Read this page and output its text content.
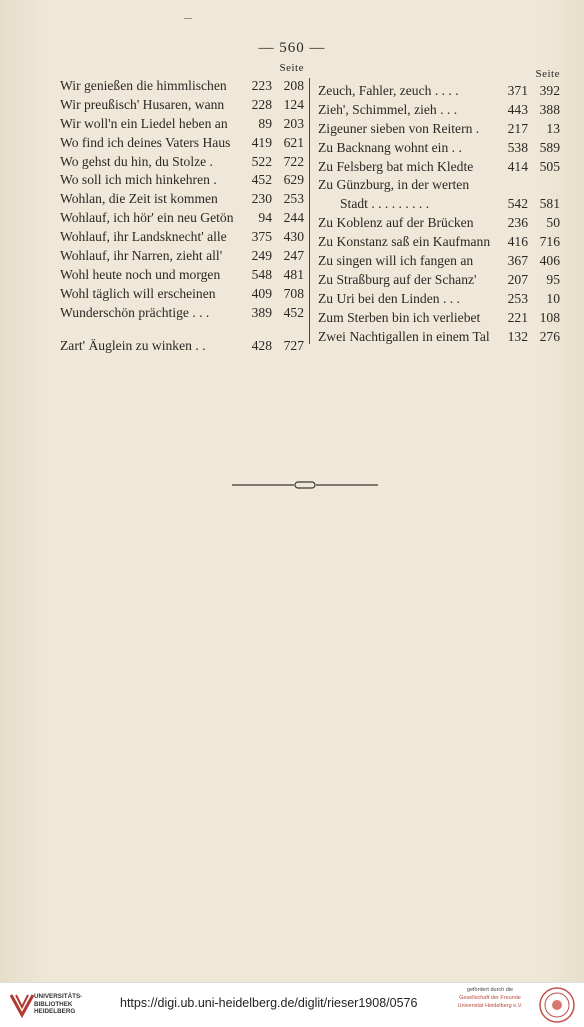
— 560 —
Seite
Wir genießen die himmlischen	223 208
Wir preußisch' Husaren, wann	228 124
Wir woll'n ein Liedel heben an	89 203
Wo find ich deines Vaters Haus	419 621
Wo gehst du hin, du Stolze .	522 722
Wo soll ich mich hinkehren .	452 629
Wohlan, die Zeit ist kommen	230 253
Wohlauf, ich hör' ein neu Getön	94 244
Wohlauf, ihr Landsknecht' alle	375 430
Wohlauf, ihr Narren, zieht all'	249 247
Wohl heute noch und morgen	548 481
Wohl täglich will erscheinen	409 708
Wunderschön prächtige . . .	389 452
Zart' Äuglein zu winken . .	428 727
Seite
Zeuch, Fahler, zeuch . . . .	371 392
Zieh', Schimmel, zieh . . .	443 388
Zigeuner sieben von Reitern .	217	13
Zu Backnang wohnt ein . .	538 589
Zu Felsberg bat mich Kledte	414 505
Zu Günzburg, in der werten
Stadt . . . . . . . . .	542 581
Zu Koblenz auf der Brücken	236	50
Zu Konstanz saß ein Kaufmann	416 716
Zu singen will ich fangen an	367 406
Zu Straßburg auf der Schanz'	207	95
Zu Uri bei den Linden . . .	253	10
Zum Sterben bin ich verliebet	221 108
Zwei Nachtigallen in einem Tal	132 276
UNIVERSITÄTS-
BIBLIOTHEK
HEIDELBERG
https://digi.ub.uni-heidelberg.de/diglit/rieser1908/0576
gefördert durch die
Gesellschaft der Freunde
Universität Heidelberg e.V.
